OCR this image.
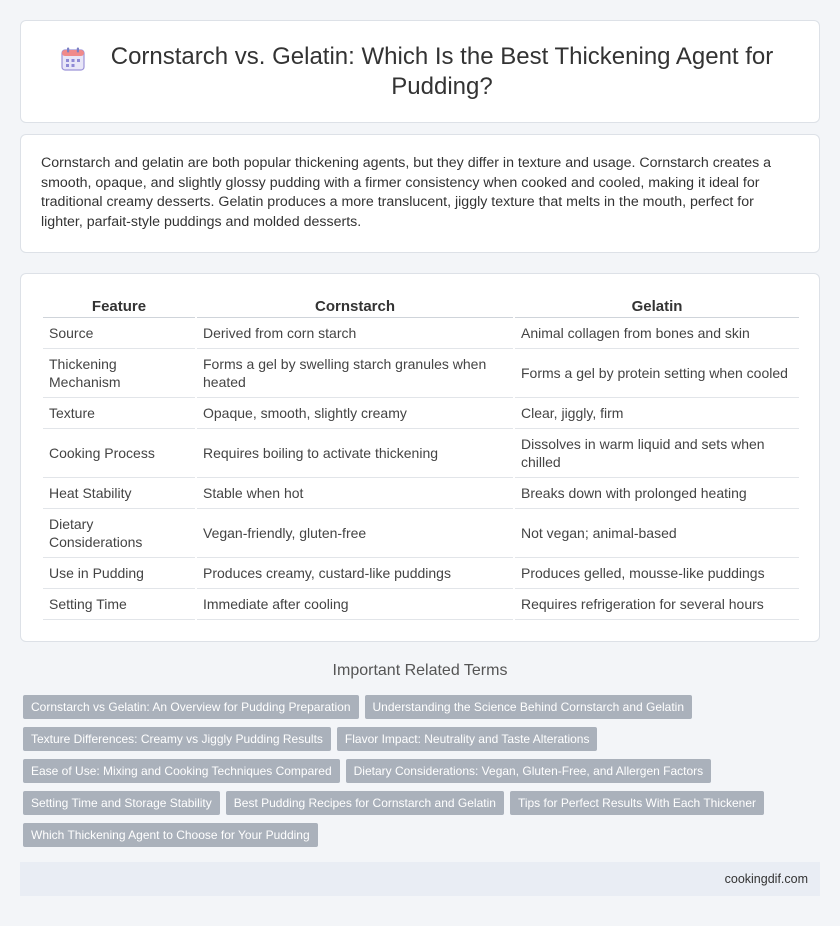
Cornstarch vs. Gelatin: Which Is the Best Thickening Agent for Pudding?

Cornstarch and gelatin are both popular thickening agents, but they differ in texture and usage. Cornstarch creates a smooth, opaque, and slightly glossy pudding with a firmer consistency when cooked and cooled, making it ideal for traditional creamy desserts. Gelatin produces a more translucent, jiggly texture that melts in the mouth, perfect for lighter, parfait-style puddings and molded desserts.

Feature	Cornstarch	Gelatin
Source	Derived from corn starch	Animal collagen from bones and skin
Thickening Mechanism	Forms a gel by swelling starch granules when heated	Forms a gel by protein setting when cooled
Texture	Opaque, smooth, slightly creamy	Clear, jiggly, firm
Cooking Process	Requires boiling to activate thickening	Dissolves in warm liquid and sets when chilled
Heat Stability	Stable when hot	Breaks down with prolonged heating
Dietary Considerations	Vegan-friendly, gluten-free	Not vegan; animal-based
Use in Pudding	Produces creamy, custard-like puddings	Produces gelled, mousse-like puddings
Setting Time	Immediate after cooling	Requires refrigeration for several hours
Important Related Terms
Cornstarch vs Gelatin: An Overview for Pudding Preparation	Understanding the Science Behind Cornstarch and Gelatin
Texture Differences: Creamy vs Jiggly Pudding Results	Flavor Impact: Neutrality and Taste Alterations
Ease of Use: Mixing and Cooking Techniques Compared	Dietary Considerations: Vegan, Gluten-Free, and Allergen Factors
Setting Time and Storage Stability	Best Pudding Recipes for Cornstarch and Gelatin	Tips for Perfect Results With Each Thickener
Which Thickening Agent to Choose for Your Pudding
cookingdif.com
